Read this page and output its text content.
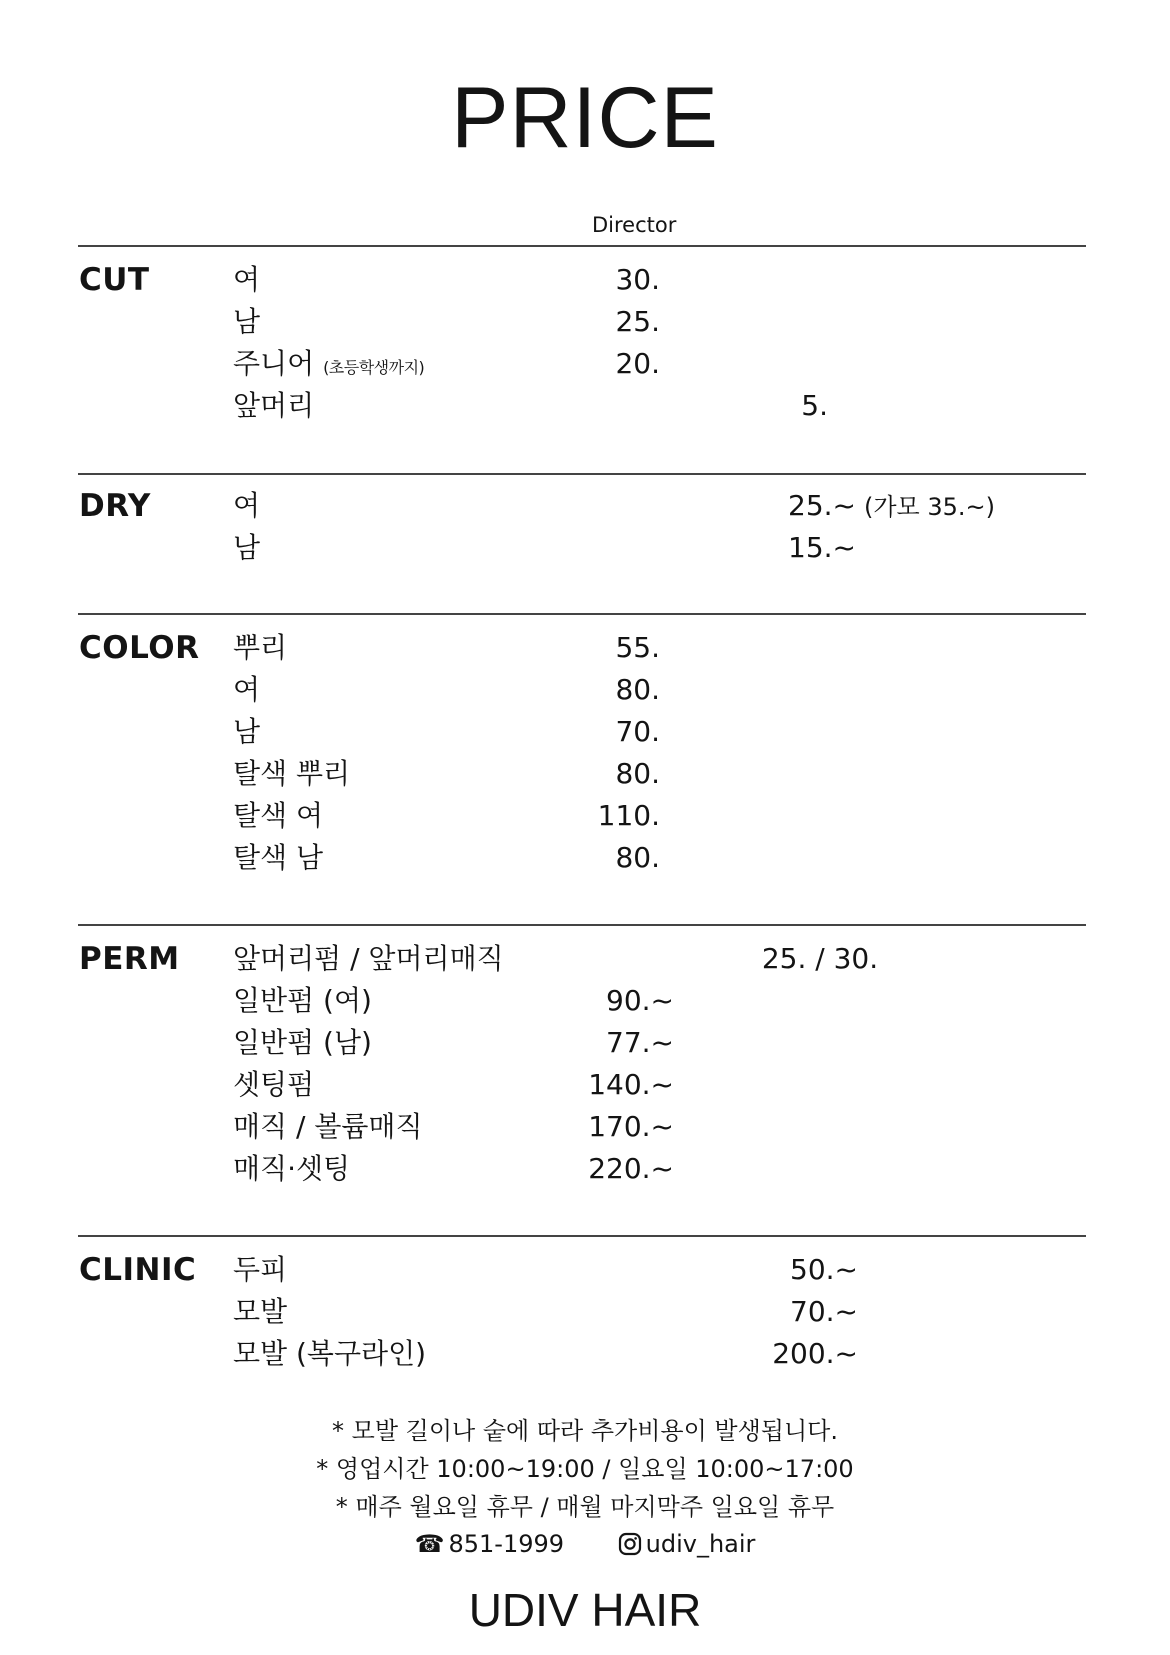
PRICE
Director
CUT	여	30.
남	25.
주니어 (초등학생까지)	20.
앞머리	5.
DRY	여	25.~ (가모 35.~)
남	15.~
COLOR 뿌리	55.
여	80.
남	70.
탈색 뿌리	80.
탈색 여	110.
탈색 남	80.
PERM 앞머리펌 / 앞머리매직	25. / 30.
일반펌 (여)	90.~
일반펌 (남)	77.~
셋팅펌	140.~
매직 / 볼륨매직	170.~
매직·셋팅	220.~
CLINIC 두피	50.~
모발	70.~
모발 (복구라인)	200.~
* 모발 길이나 숱에 따라 추가비용이 발생됩니다.
* 영업시간 10:00~19:00 / 일요일 10:00~17:00
* 매주 월요일 휴무 / 매월 마지막주 일요일 휴무
☎ 851-1999	udiv_hair
UDIV HAIR
